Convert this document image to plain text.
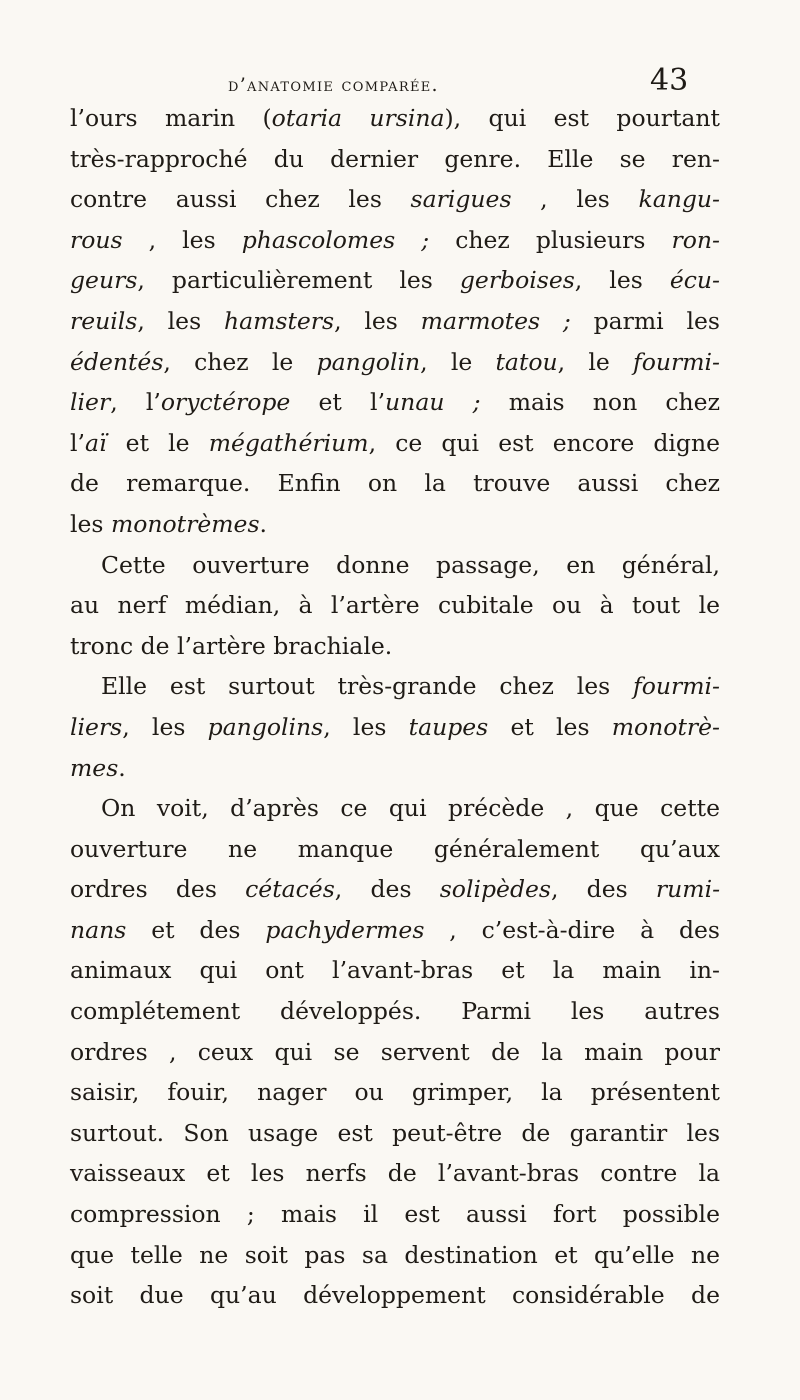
d’anatomie comparée.	43
l’ours marin (otaria ursina), qui est pourtant
très-rapproché du dernier genre. Elle se ren-
contre aussi chez les sarigues , les kangu-
rous , les phascolomes ; chez plusieurs ron-
geurs, particulièrement les gerboises, les écu-
reuils, les hamsters, les marmotes ; parmi les
édentés, chez le pangolin, le tatou, le fourmi-
lier, l’oryctérope et l’unau ; mais non chez
l’aï et le mégathérium, ce qui est encore digne
de remarque. Enfin on la trouve aussi chez
les monotrèmes.
Cette ouverture donne passage, en général,
au nerf médian, à l’artère cubitale ou à tout le
tronc de l’artère brachiale.
Elle est surtout très-grande chez les fourmi-
liers, les pangolins, les taupes et les monotrè-
mes.
On voit, d’après ce qui précède , que cette
ouverture ne manque généralement qu’aux
ordres des cétacés, des solipèdes, des rumi-
nans et des pachydermes , c’est-à-dire à des
animaux qui ont l’avant-bras et la main in-
complétement développés. Parmi les autres
ordres , ceux qui se servent de la main pour
saisir, fouir, nager ou grimper, la présentent
surtout. Son usage est peut-être de garantir les
vaisseaux et les nerfs de l’avant-bras contre la
compression ; mais il est aussi fort possible
que telle ne soit pas sa destination et qu’elle ne
soit due qu’au développement considérable de
